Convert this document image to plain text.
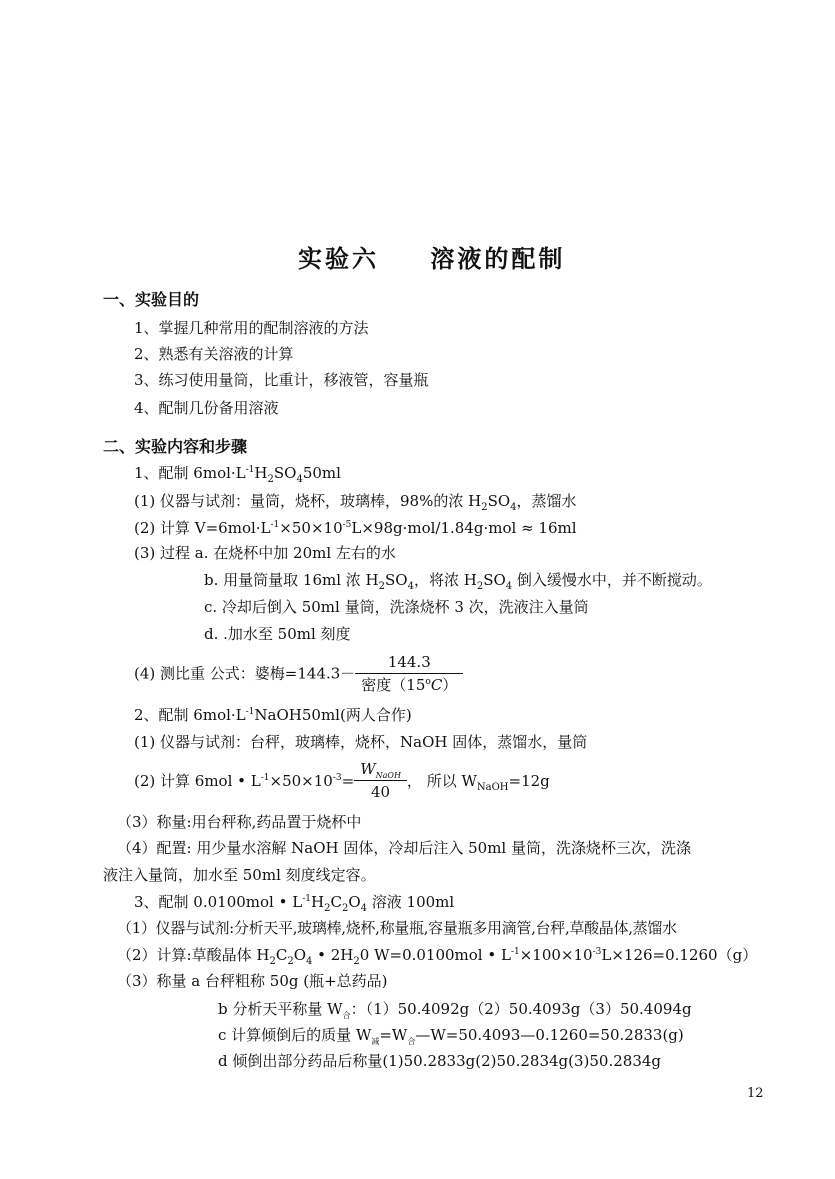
实验六 溶液的配制
一、实验目的
1、掌握几种常用的配制溶液的方法
2、熟悉有关溶液的计算
3、练习使用量筒，比重计，移液管，容量瓶
4、配制几份备用溶液
二、实验内容和步骤
1、配制 $6mol\cdot L^{-1}H_2SO_450ml$
(1) 仪器与试剂：量筒，烧杯，玻璃棒，98%的浓 $H_2SO_4$，蒸馏水
(2) 计算 $V=6mol\cdot L^{-1}\times 50\times 10^{-5}L\times 98g\cdot mol/1.84g\cdot mol \approx 16ml$
(3) 过程 a. 在烧杯中加 20ml 左右的水
b. 用量筒量取 16ml 浓 $H_2SO_4$，将浓 $H_2SO_4$ 倒入缓慢水中，并不断搅动。
c. 冷却后倒入 50ml 量筒，洗涤烧杯 3 次，洗液注入量筒
d. .加水至 50ml 刻度
(4) 测比重 公式：婆梅$=144.3- \frac{144.3}{密度(15^oC)}$
2、配制 $6mol\cdot L^{-1}NaOH50ml$(两人合作)
(1) 仪器与试剂：台秤，玻璃棒，烧杯，NaOH 固体，蒸馏水，量筒
(2) 计算 6mol • $L^{-1}\times 50\times 10^{-3}= \frac{W_{NaOH}}{40}$ ， 所以 $W_{NaOH}=12g$
（3）称量:用台秤称,药品置于烧杯中
（4）配置: 用少量水溶解 NaOH 固体，冷却后注入 50ml 量筒，洗涤烧杯三次，洗涤
液注入量筒，加水至 50ml 刻度线定容。
3、配制 0.0100mol • $L^{-1}H_2C_2O_4$ 溶液 100ml
（1）仪器与试剂:分析天平,玻璃棒,烧杯,称量瓶,容量瓶多用滴管,台秤,草酸晶体,蒸馏水
（2）计算:草酸晶体 $H_2C_2O_4$ • $2H_20$ W=0.0100mol • $L^{-1}\times 100\times 10^{-3}L\times 126=0.1260(g)$
（3）称量 a 台秤粗称 50g (瓶+总药品)
b 分析天平称量 $W_合$：（1）50.4092g（2）50.4093g（3）50.4094g
c 计算倾倒后的质量 $W_减=W_合—W=50.4093—0.1260=50.2833(g)$
d 倾倒出部分药品后称量(1)50.2833g(2)50.2834g(3)50.2834g
12
